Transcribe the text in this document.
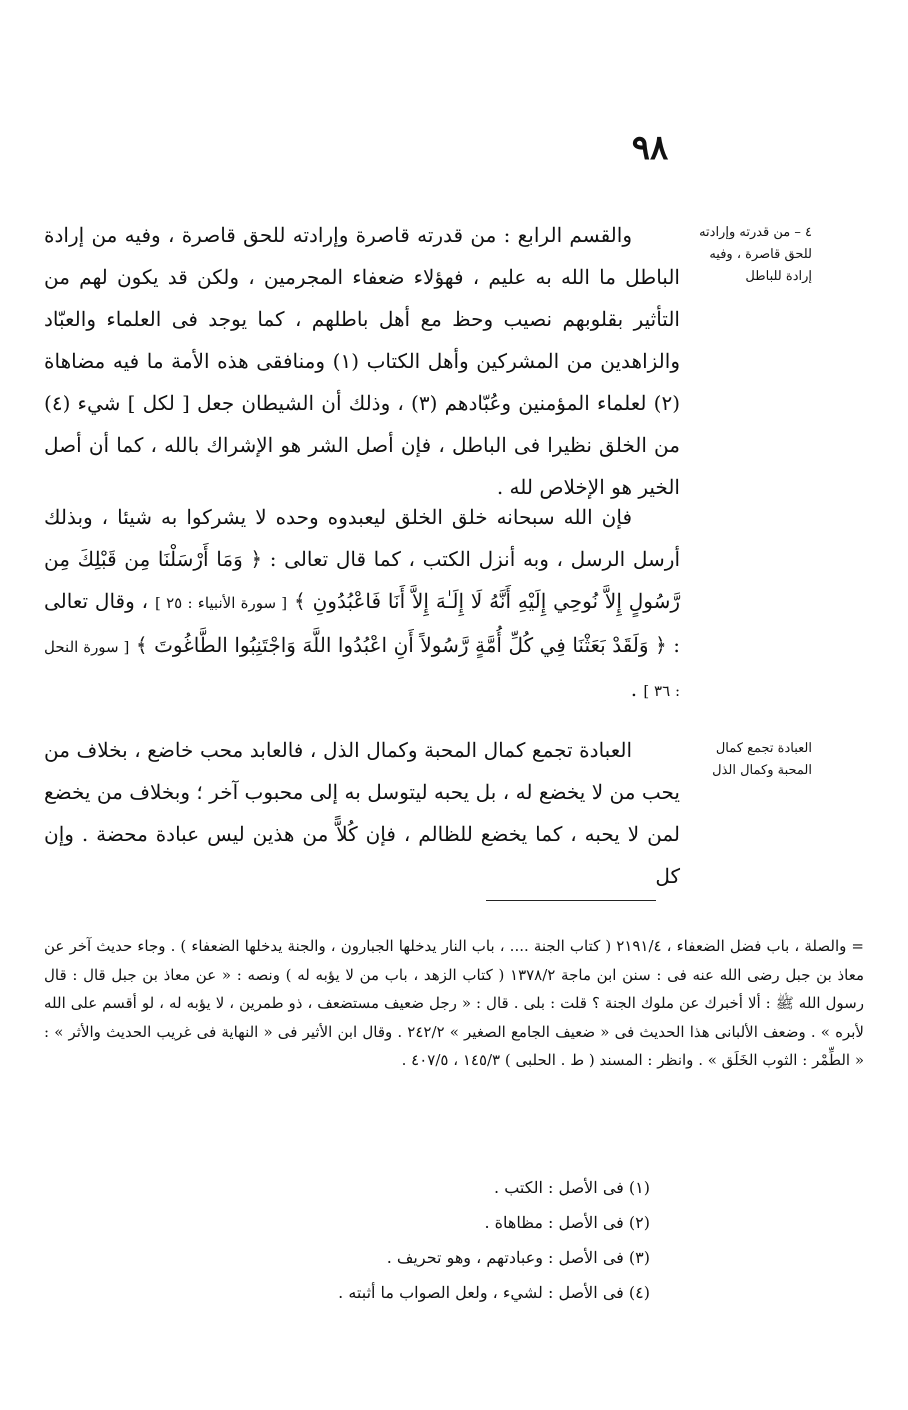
٩٨
٤ – من قدرته وإرادته للحق قاصرة ، وفيه إرادة للباطل

والقسم الرابع : من قدرته قاصرة وإرادته للحق قاصرة ، وفيه من إرادة الباطل ما الله به عليم ، فهؤلاء ضعفاء المجرمين ، ولكن قد يكون لهم من التأثير بقلوبهم نصيب وحظ مع أهل باطلهم ، كما يوجد فى العلماء والعبّاد والزاهدين من المشركين وأهل الكتاب (١) ومنافقى هذه الأمة ما فيه مضاهاة (٢) لعلماء المؤمنين وعُبّادهم (٣) ، وذلك أن الشيطان جعل [ لكل ] شيء (٤) من الخلق نظيرا فى الباطل ، فإن أصل الشر هو الإشراك بالله ، كما أن أصل الخير هو الإخلاص لله .

فإن الله سبحانه خلق الخلق ليعبدوه وحده لا يشركوا به شيئا ، وبذلك أرسل الرسل ، وبه أنزل الكتب ، كما قال تعالى : ﴿ وَمَا أَرْسَلْنَا مِن قَبْلِكَ مِن رَّسُولٍ إِلاَّ نُوحِي إِلَيْهِ أَنَّهُ لَا إِلَـٰهَ إِلاَّ أَنَا فَاعْبُدُونِ ﴾ [ سورة الأنبياء : ٢٥ ] ، وقال تعالى : ﴿ وَلَقَدْ بَعَثْنَا فِي كُلِّ أُمَّةٍ رَّسُولاً أَنِ اعْبُدُوا اللَّهَ وَاجْتَنِبُوا الطَّاغُوتَ ﴾ [ سورة النحل : ٣٦ ] .

العبادة تجمع كمال المحبة وكمال الذل

العبادة تجمع كمال المحبة وكمال الذل ، فالعابد محب خاضع ، بخلاف من يحب من لا يخضع له ، بل يحبه ليتوسل به إلى محبوب آخر ؛ وبخلاف من يخضع لمن لا يحبه ، كما يخضع للظالم ، فإن كُلاًّ من هذين ليس عبادة محضة . وإن كل

= والصلة ، باب فضل الضعفاء ، ٢١٩١/٤ ( كتاب الجنة .... ، باب النار يدخلها الجبارون ، والجنة يدخلها الضعفاء ) . وجاء حديث آخر عن معاذ بن جبل رضى الله عنه فى : سنن ابن ماجة ١٣٧٨/٢ ( كتاب الزهد ، باب من لا يؤبه له ) ونصه : « عن معاذ بن جبل قال : قال رسول الله ﷺ : ألا أخبرك عن ملوك الجنة ؟ قلت : بلى . قال : « رجل ضعيف مستضعف ، ذو طمرين ، لا يؤبه له ، لو أقسم على الله لأبره » . وضعف الألبانى هذا الحديث فى « ضعيف الجامع الصغير » ٢٤٢/٢ . وقال ابن الأثير فى « النهاية فى غريب الحديث والأثر » : « الطِّمْر : الثوب الخَلَق » . وانظر : المسند ( ط . الحلبى ) ١٤٥/٣ ، ٤٠٧/٥ .
(١) فى الأصل : الكتب .
(٢) فى الأصل : مظاهاة .
(٣) فى الأصل : وعبادتهم ، وهو تحريف .
(٤) فى الأصل : لشيء ، ولعل الصواب ما أثبته .
